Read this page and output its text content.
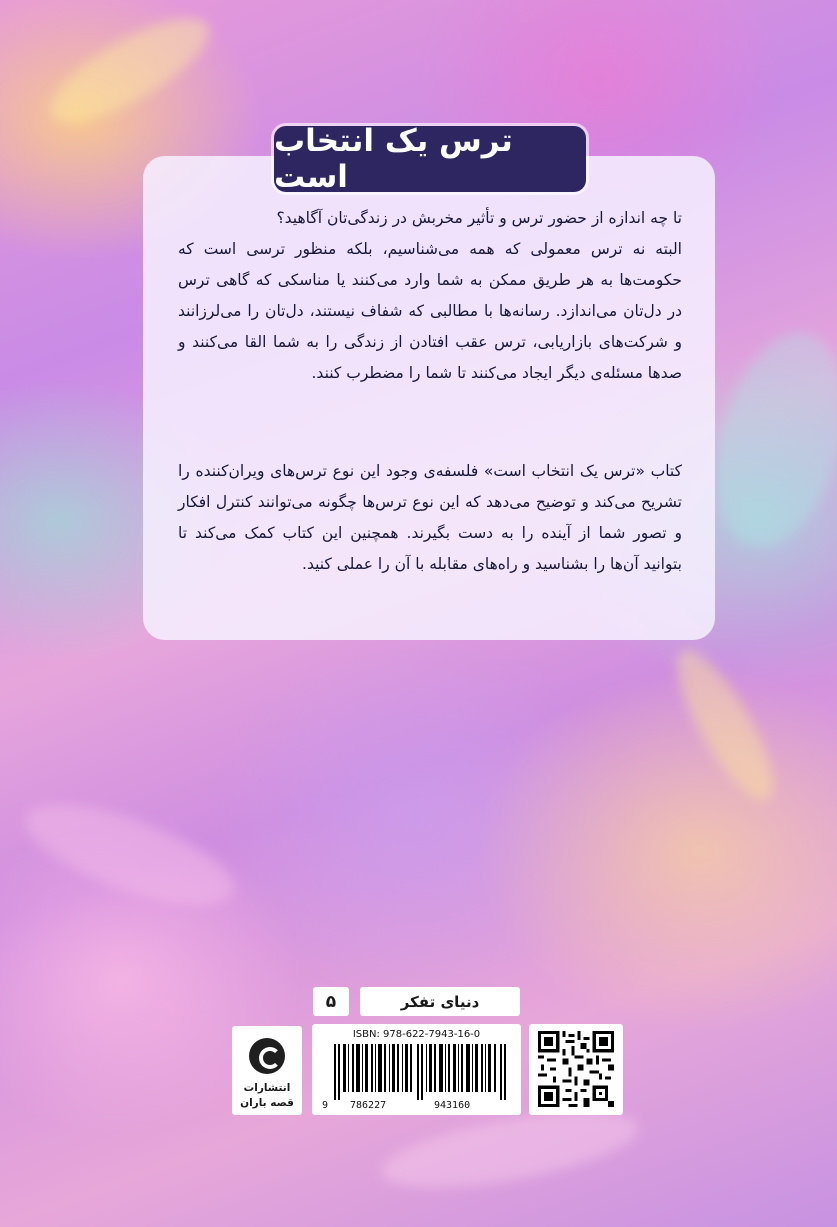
ترس یک انتخاب است

تا چه اندازه از حضور ترس و تأثیر مخربش در زندگی‌تان آگاهید؟

البته نه ترس معمولی که همه می‌شناسیم، بلکه منظور ترسی است که حکومت‌ها به هر طریق ممکن به شما وارد می‌کنند یا مناسکی که گاهی ترس در دل‌تان می‌اندازد. رسانه‌ها با مطالبی که شفاف نیستند، دل‌تان را می‌لرزانند و شرکت‌های بازاریابی، ترس عقب افتادن از زندگی را به شما القا می‌کنند و صدها مسئله‌ی دیگر ایجاد می‌کنند تا شما را مضطرب کنند.

کتاب «ترس یک انتخاب است» فلسفه‌ی وجود این نوع ترس‌های ویران‌کننده را تشریح می‌کند و توضیح می‌دهد که این نوع ترس‌ها چگونه می‌توانند کنترل افکار و تصور شما از آینده را به دست بگیرند. همچنین این کتاب کمک می‌کند تا بتوانید آن‌ها را بشناسید و راه‌های مقابله با آن را عملی کنید.

۵	دنیای تفکر
انتشارات
قصه باران
ISBN: 978-622-7943-16-0
9 786227	943160
